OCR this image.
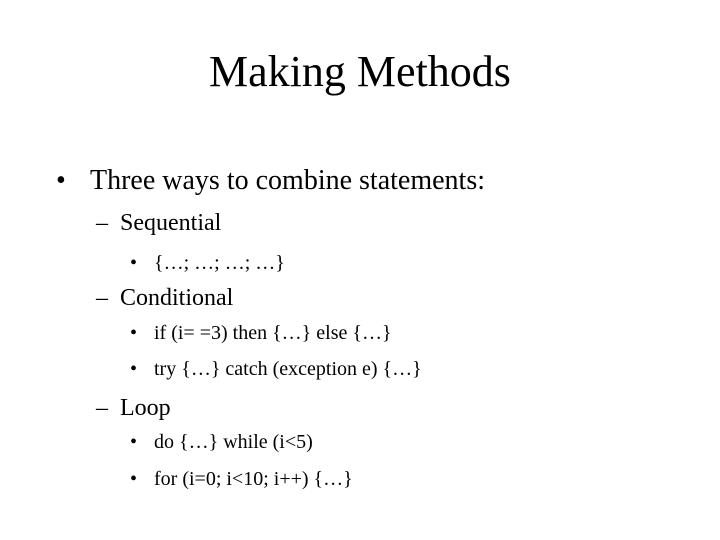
Making Methods
• Three ways to combine statements:
– Sequential
• {…; …; …; …}
– Conditional
• if (i= =3) then {…} else {…}
• try {…} catch (exception e) {…}
– Loop
• do {…} while (i<5)
• for (i=0; i<10; i++) {…}
